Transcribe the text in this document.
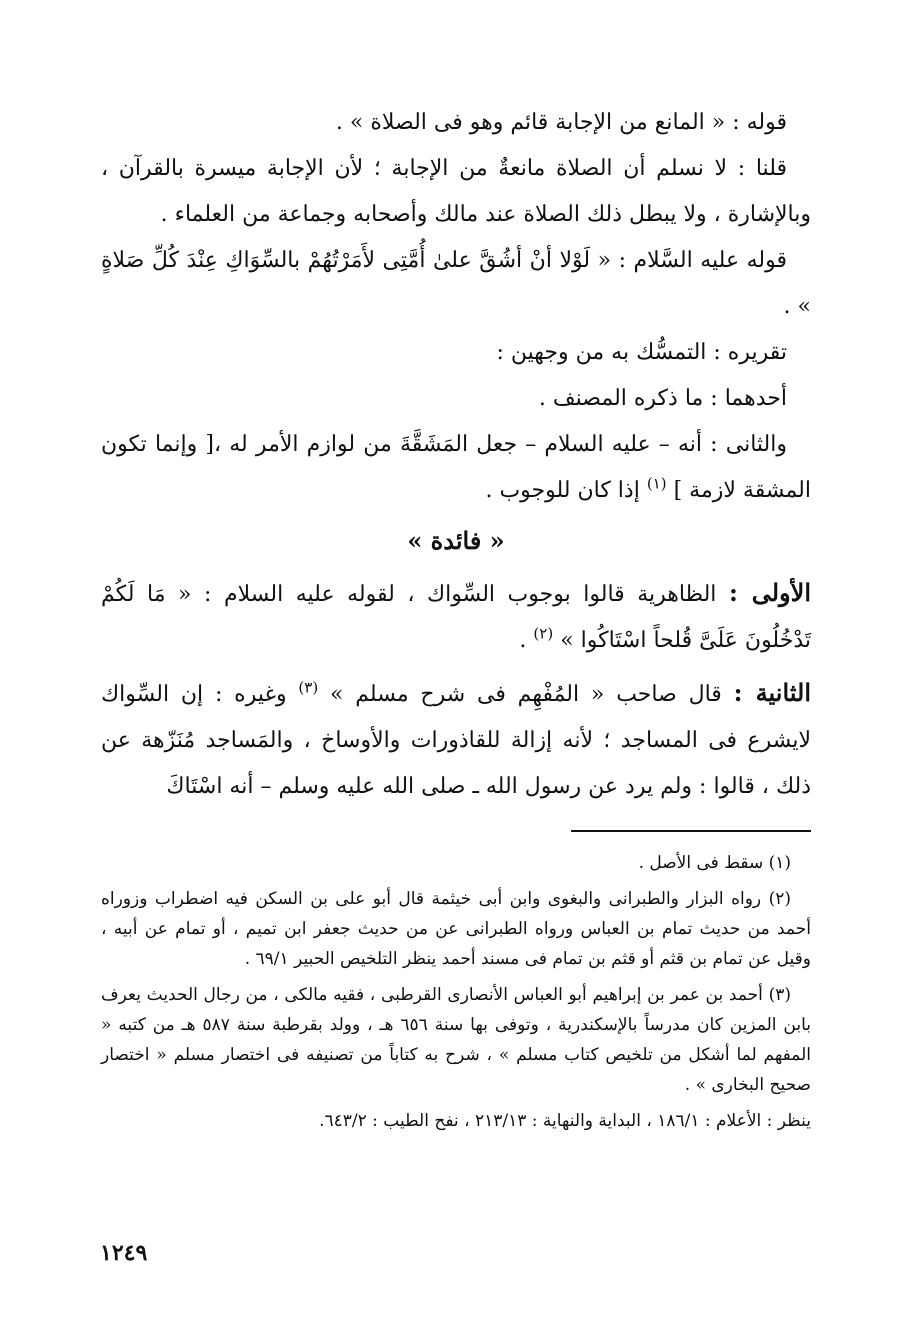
قوله : « المانع من الإجابة قائم وهو فى الصلاة » .

قلنا : لا نسلم أن الصلاة مانعةٌ من الإجابة ؛ لأن الإجابة ميسرة بالقرآن ، وبالإشارة ، ولا يبطل ذلك الصلاة عند مالك وأصحابه وجماعة من العلماء .

قوله عليه السَّلام : « لَوْلا أنْ أشُقَّ علىٰ أُمَّتِى لأَمَرْتُهُمْ بالسِّوَاكِ عِنْدَ كُلِّ صَلاةٍ » .

تقريره : التمسُّك به من وجهين :

أحدهما : ما ذكره المصنف .

والثانى : أنه – عليه السلام – جعل المَشَقَّةَ من لوازم الأمر له ،[ وإنما تكون المشقة لازمة ] $^{(١)}$ إذا كان للوجوب .

« فائدة »

الأولى : الظاهرية قالوا بوجوب السِّواك ، لقوله عليه السلام : « مَا لَكُمْ تَدْخُلُونَ عَلَىَّ قُلحاً اسْتَاكُوا » $^{(٢)}$ .

الثانية : قال صاحب « المُفْهِم فى شرح مسلم » $^{(٣)}$ وغيره : إن السِّواك لايشرع فى المساجد ؛ لأنه إزالة للقاذورات والأوساخ ، والمَساجد مُنَزّهة عن ذلك ، قالوا : ولم يرد عن رسول الله ـ صلى الله عليه وسلم – أنه اسْتَاكَ

(١) سقط فى الأصل .

(٢) رواه البزار والطبرانى والبغوى وابن أبى خيثمة قال أبو على بن السكن فيه اضطراب وزوراه أحمد من حديث تمام بن العباس ورواه الطبرانى عن من حديث جعفر ابن تميم ، أو تمام عن أبيه ، وقيل عن تمام بن قثم أو قثم بن تمام فى مسند أحمد ينظر التلخيص الحبير ٦٩/١ .

(٣) أحمد بن عمر بن إبراهيم أبو العباس الأنصارى القرطبى ، فقيه مالكى ، من رجال الحديث يعرف بابن المزين كان مدرساً بالإسكندرية ، وتوفى بها سنة ٦٥٦ هـ ، وولد بقرطبة سنة ٥٨٧ هـ من كتبه « المفهم لما أشكل من تلخيص كتاب مسلم » ، شرح به كتاباً من تصنيفه فى اختصار مسلم « اختصار صحيح البخارى » .

ينظر : الأعلام : ١٨٦/١ ، البداية والنهاية : ٢١٣/١٣ ، نفح الطيب : ٦٤٣/٢.

١٢٤٩
